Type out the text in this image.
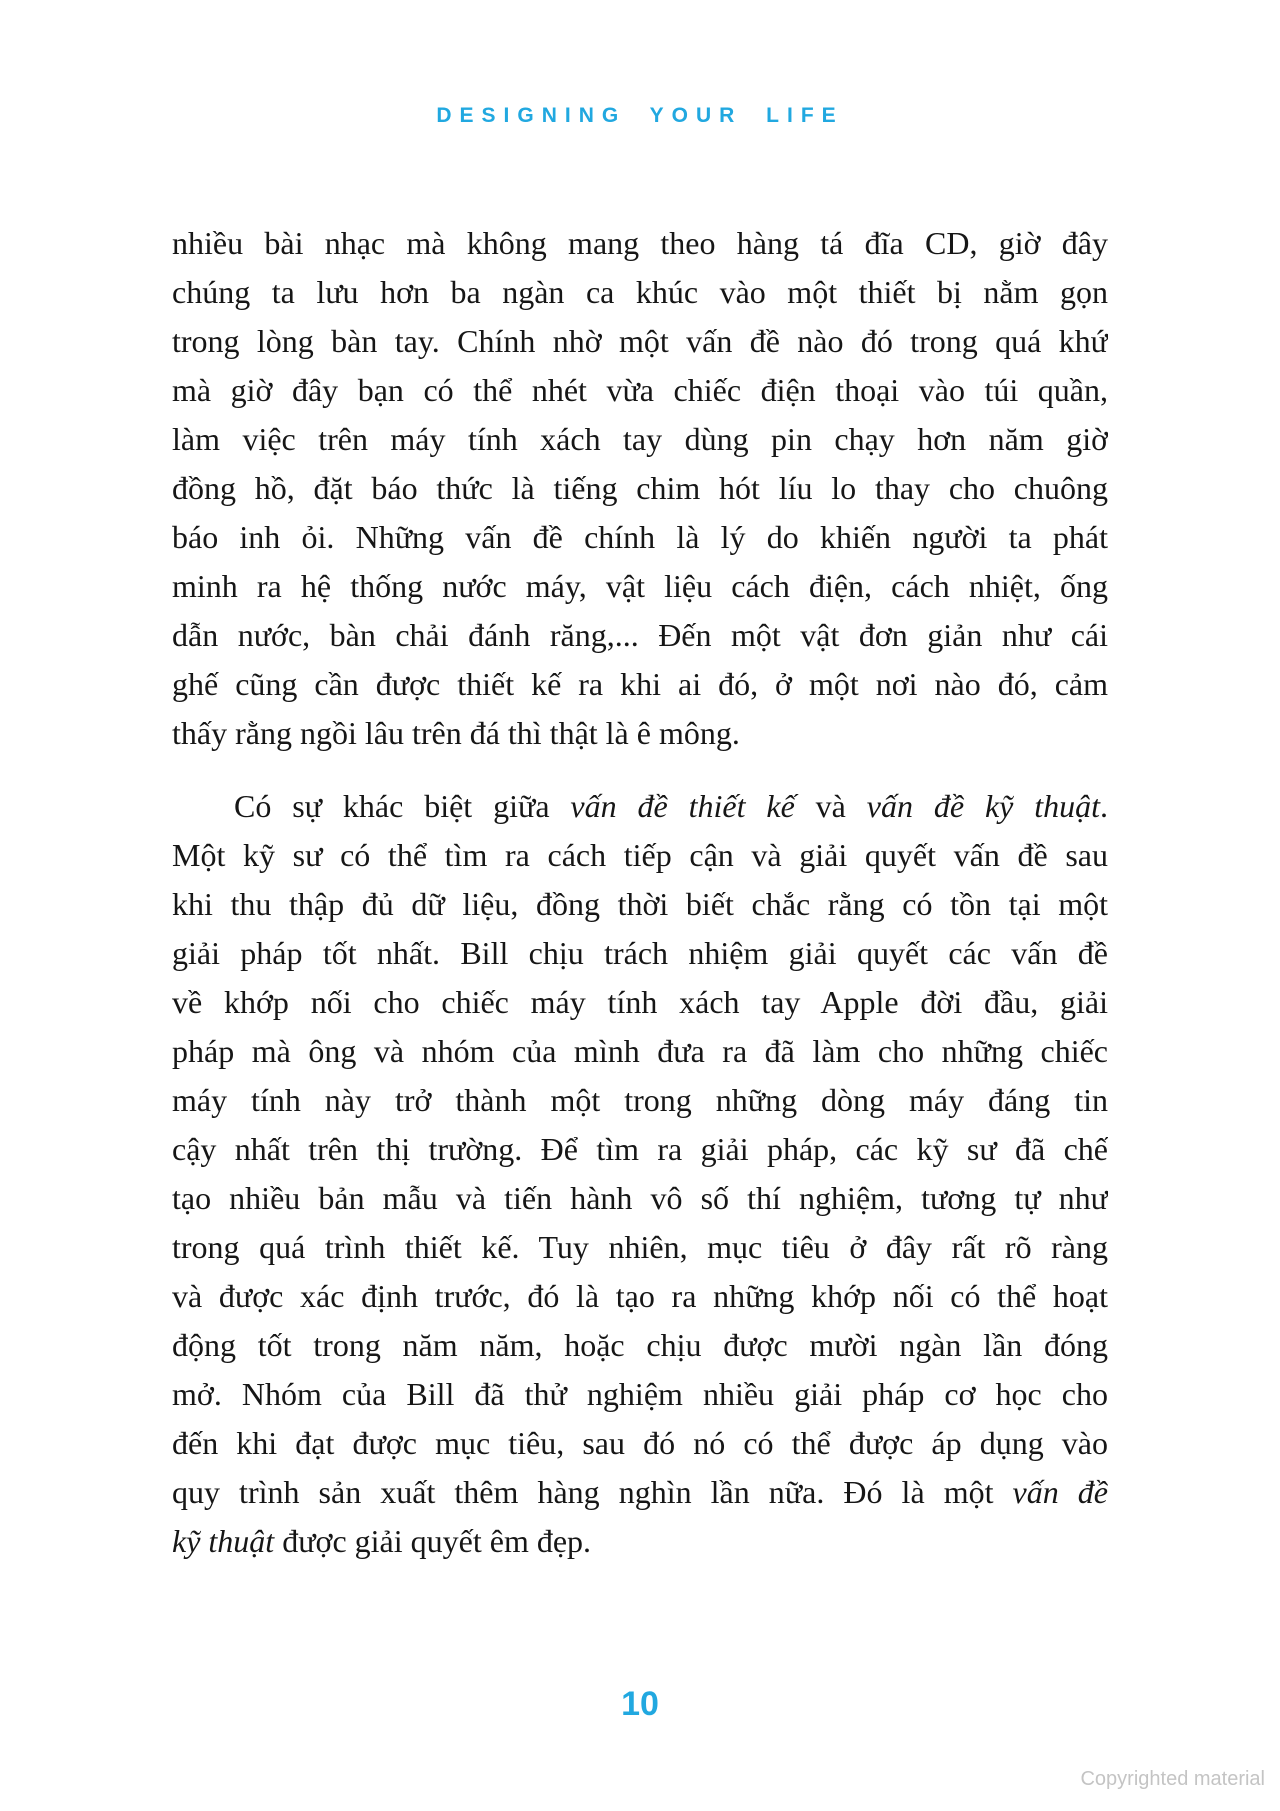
DESIGNING YOUR LIFE
nhiều bài nhạc mà không mang theo hàng tá đĩa CD, giờ đây
chúng ta lưu hơn ba ngàn ca khúc vào một thiết bị nằm gọn
trong lòng bàn tay. Chính nhờ một vấn đề nào đó trong quá khứ
mà giờ đây bạn có thể nhét vừa chiếc điện thoại vào túi quần,
làm việc trên máy tính xách tay dùng pin chạy hơn năm giờ
đồng hồ, đặt báo thức là tiếng chim hót líu lo thay cho chuông
báo inh ỏi. Những vấn đề chính là lý do khiến người ta phát
minh ra hệ thống nước máy, vật liệu cách điện, cách nhiệt, ống
dẫn nước, bàn chải đánh răng,... Đến một vật đơn giản như cái
ghế cũng cần được thiết kế ra khi ai đó, ở một nơi nào đó, cảm
thấy rằng ngồi lâu trên đá thì thật là ê mông.
Có sự khác biệt giữa vấn đề thiết kế và vấn đề kỹ thuật.
Một kỹ sư có thể tìm ra cách tiếp cận và giải quyết vấn đề sau
khi thu thập đủ dữ liệu, đồng thời biết chắc rằng có tồn tại một
giải pháp tốt nhất. Bill chịu trách nhiệm giải quyết các vấn đề
về khớp nối cho chiếc máy tính xách tay Apple đời đầu, giải
pháp mà ông và nhóm của mình đưa ra đã làm cho những chiếc
máy tính này trở thành một trong những dòng máy đáng tin
cậy nhất trên thị trường. Để tìm ra giải pháp, các kỹ sư đã chế
tạo nhiều bản mẫu và tiến hành vô số thí nghiệm, tương tự như
trong quá trình thiết kế. Tuy nhiên, mục tiêu ở đây rất rõ ràng
và được xác định trước, đó là tạo ra những khớp nối có thể hoạt
động tốt trong năm năm, hoặc chịu được mười ngàn lần đóng
mở. Nhóm của Bill đã thử nghiệm nhiều giải pháp cơ học cho
đến khi đạt được mục tiêu, sau đó nó có thể được áp dụng vào
quy trình sản xuất thêm hàng nghìn lần nữa. Đó là một vấn đề
kỹ thuật được giải quyết êm đẹp.
10
Copyrighted material
